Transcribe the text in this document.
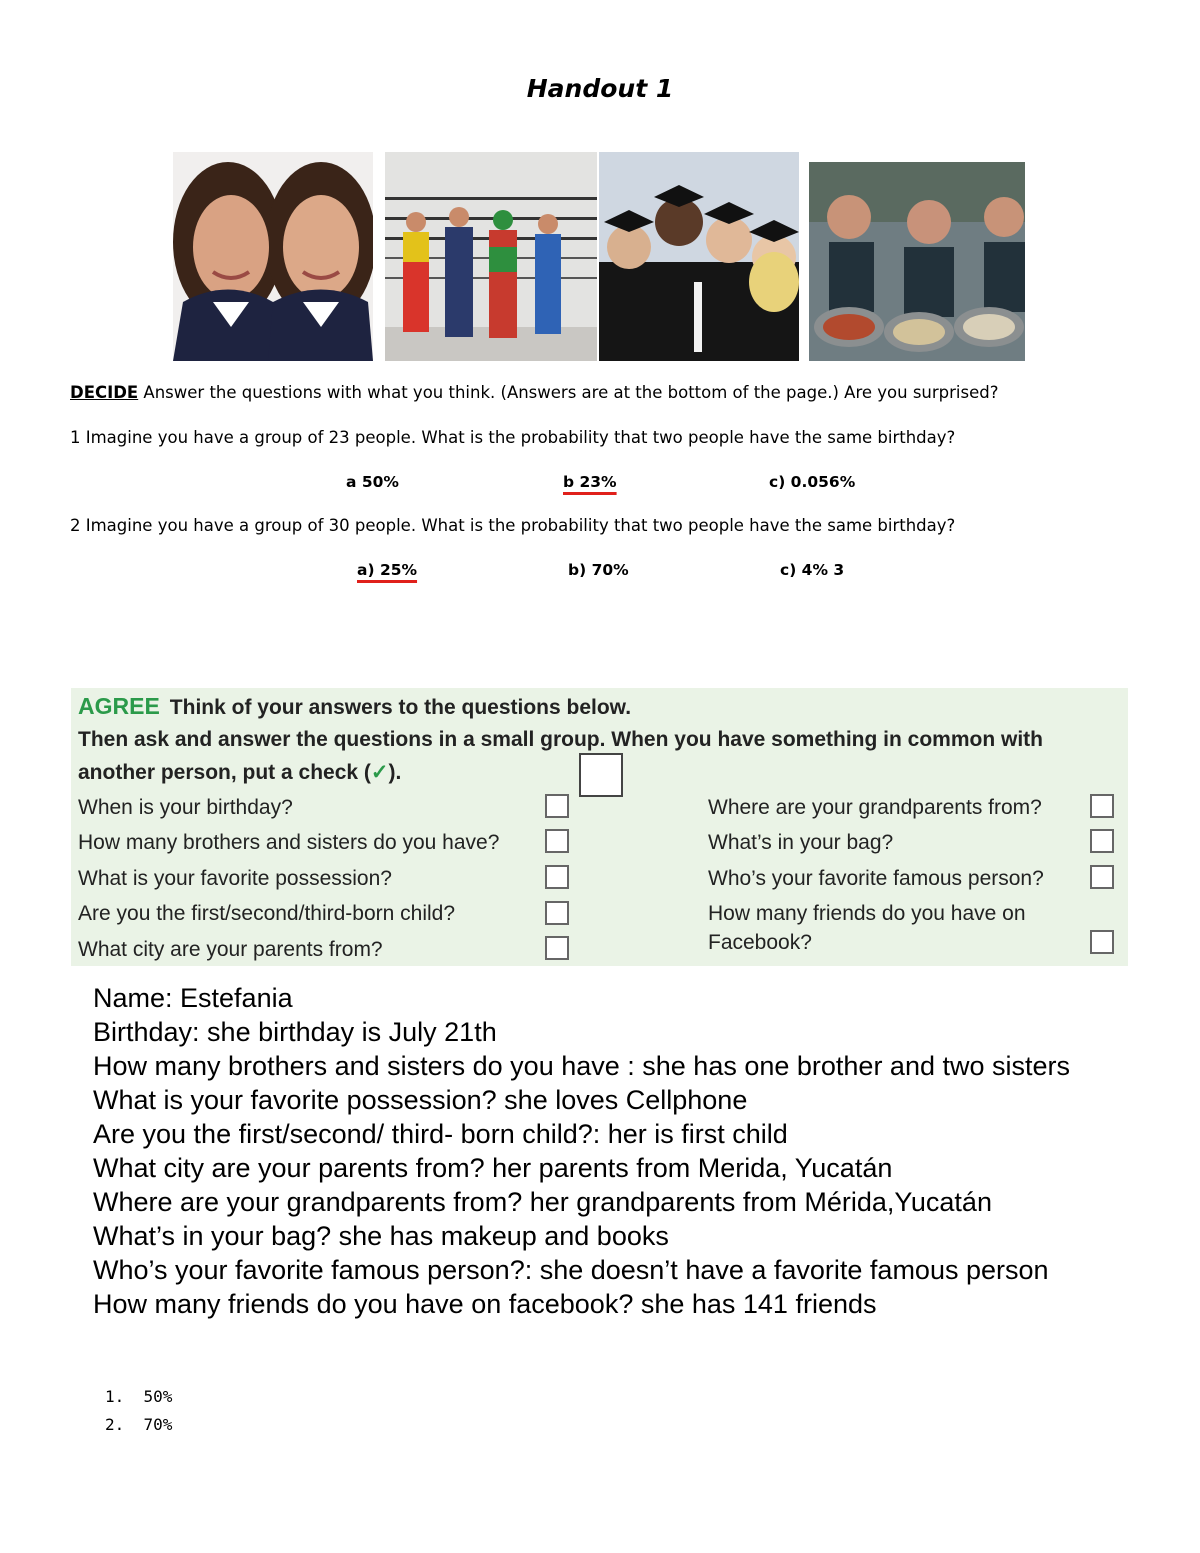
Handout 1
DECIDE Answer the questions with what you think. (Answers are at the bottom of the page.) Are you surprised?
1 Imagine you have a group of 23 people. What is the probability that two people have the same birthday?
a 50%	b 23%	c) 0.056%
2 Imagine you have a group of 30 people. What is the probability that two people have the same birthday?
a) 25%	b) 70%	c) 4% 3
AGREE Think of your answers to the questions below.
Then ask and answer the questions in a small group. When you have something in common with
another person, put a check (✓).
When is your birthday?
How many brothers and sisters do you have?
What is your favorite possession?
Are you the first/second/third-born child?
What city are your parents from?
Where are your grandparents from?
What’s in your bag?
Who’s your favorite famous person?
How many friends do you have on
Facebook?

Name: Estefania

Birthday: she birthday is July 21th

How many brothers and sisters do you have : she has one brother and two sisters

What is your favorite possession? she loves Cellphone

Are you the first/second/ third- born child?: her is first child

What city are your parents from? her parents from Merida, Yucatán

Where are your grandparents from? her grandparents from Mérida,Yucatán

What’s in your bag? she has makeup and books

Who’s your favorite famous person?: she doesn’t have a favorite famous person

How many friends do you have on facebook? she has 141 friends

1. 50%
2. 70%
